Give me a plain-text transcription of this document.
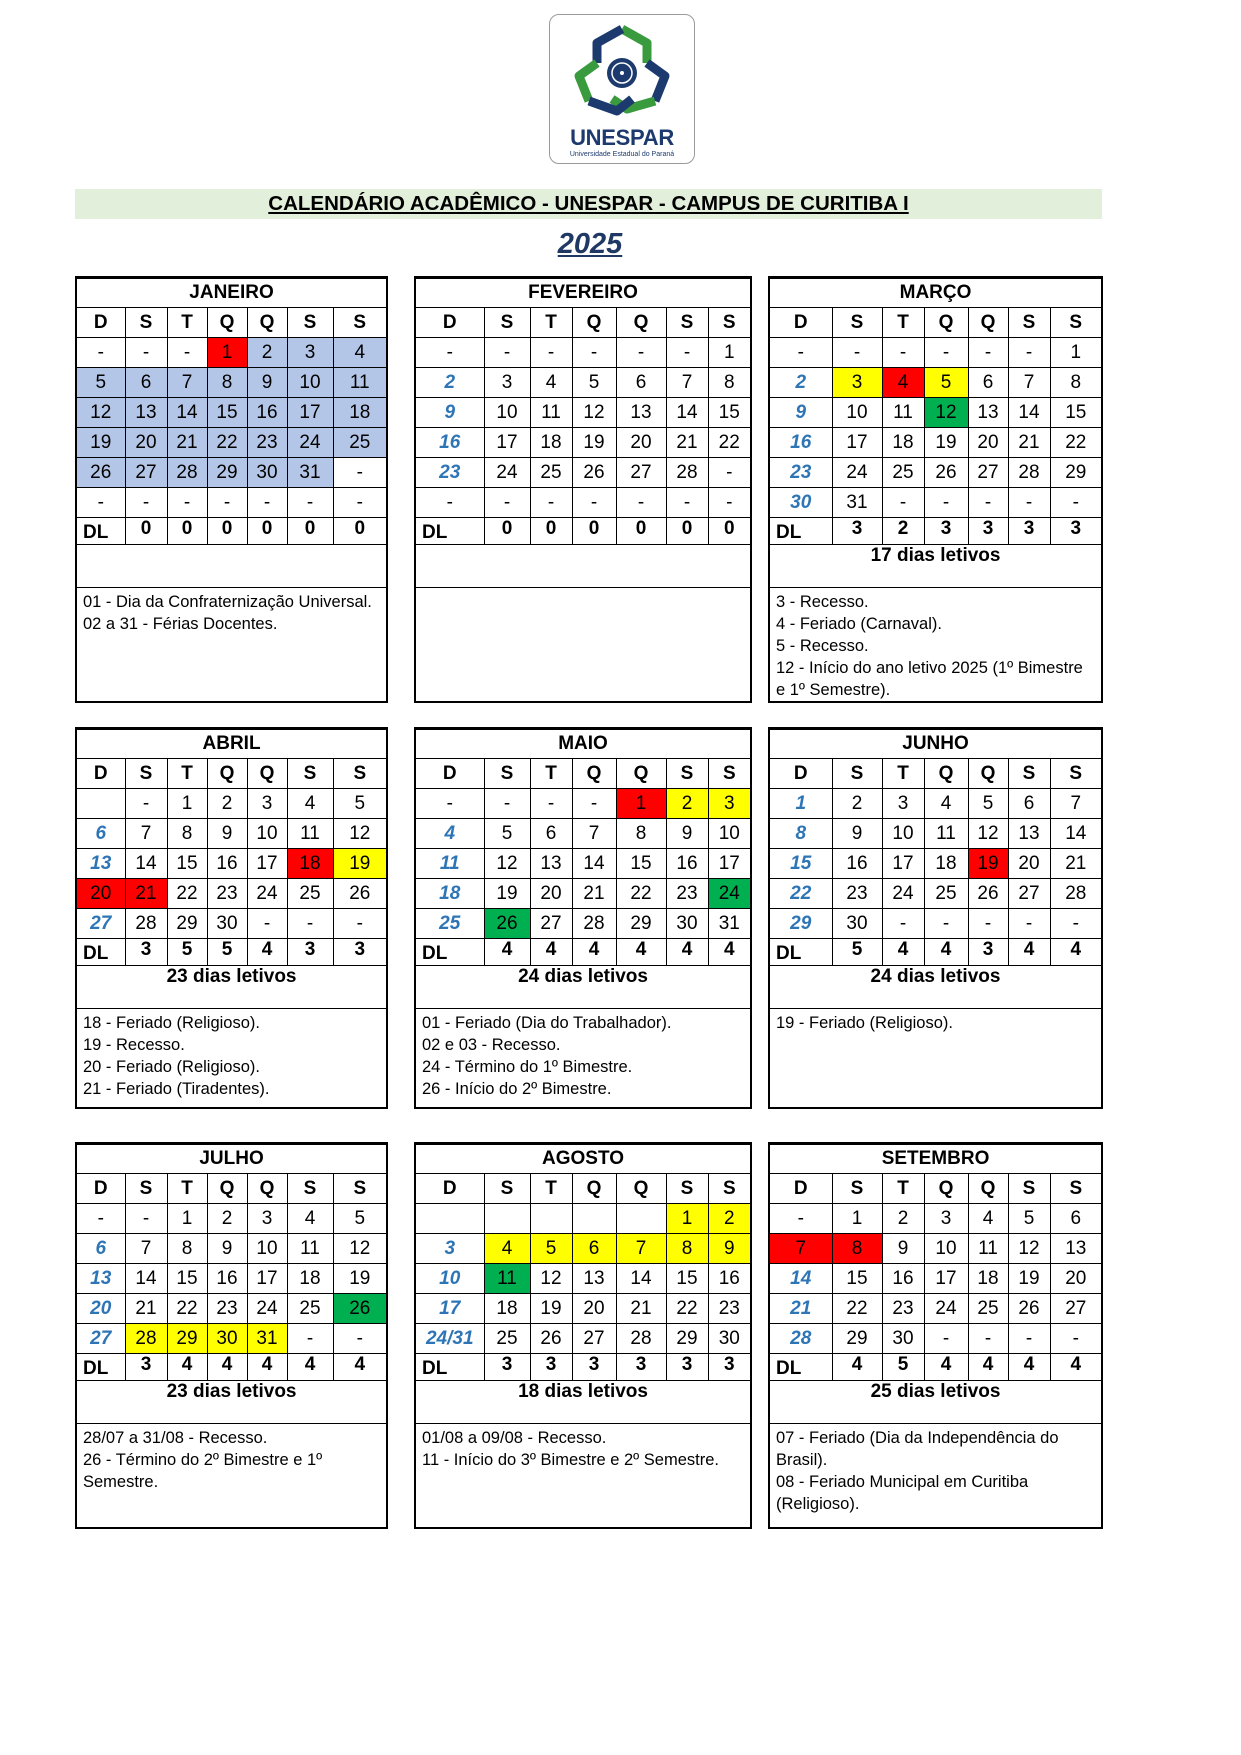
UNESPAR
Universidade Estadual do Paraná
CALENDÁRIO ACADÊMICO - UNESPAR - CAMPUS DE CURITIBA I
2025
JANEIRO						
D	S	T	Q	Q	S	S
-	-	-	1	2	3	4
5	6	7	8	9	10	11
12	13	14	15	16	17	18
19	20	21	22	23	24	25
26	27	28	29	30	31	-
-	-	-	-	-	-	-
DL	0	0	0	0	0	0

01 - Dia da Confraternização Universal.
02 a 31 - Férias Docentes.						
FEVEREIRO						
D	S	T	Q	Q	S	S
-	-	-	-	-	-	1
2	3	4	5	6	7	8
9	10	11	12	13	14	15
16	17	18	19	20	21	22
23	24	25	26	27	28	-
-	-	-	-	-	-	-
DL	0	0	0	0	0	0

MARÇO						
D	S	T	Q	Q	S	S
-	-	-	-	-	-	1
2	3	4	5	6	7	8
9	10	11	12	13	14	15
16	17	18	19	20	21	22
23	24	25	26	27	28	29
30	31	-	-	-	-	-
DL	3	2	3	3	3	3
17 dias letivos						

3 - Recesso.
4 - Feriado (Carnaval).
5 - Recesso.
12 - Início do ano letivo 2025 (1º Bimestre e 1º Semestre).						
ABRIL						
D	S	T	Q	Q	S	S
	-	1	2	3	4	5
6	7	8	9	10	11	12
13	14	15	16	17	18	19
20	21	22	23	24	25	26
27	28	29	30	-	-	-
DL	3	5	5	4	3	3
23 dias letivos						

18 - Feriado (Religioso).
19 - Recesso.
20 - Feriado (Religioso).
21 - Feriado (Tiradentes).						
MAIO						
D	S	T	Q	Q	S	S
-	-	-	-	1	2	3
4	5	6	7	8	9	10
11	12	13	14	15	16	17
18	19	20	21	22	23	24
25	26	27	28	29	30	31
DL	4	4	4	4	4	4
24 dias letivos						

01 - Feriado (Dia do Trabalhador).
02 e 03 - Recesso.
24 - Término do 1º Bimestre.
26 - Início do 2º Bimestre.						
JUNHO						
D	S	T	Q	Q	S	S
1	2	3	4	5	6	7
8	9	10	11	12	13	14
15	16	17	18	19	20	21
22	23	24	25	26	27	28
29	30	-	-	-	-	-
DL	5	4	4	3	4	4
24 dias letivos						

19 - Feriado (Religioso).						
JULHO						
D	S	T	Q	Q	S	S
-	-	1	2	3	4	5
6	7	8	9	10	11	12
13	14	15	16	17	18	19
20	21	22	23	24	25	26
27	28	29	30	31	-	-
DL	3	4	4	4	4	4
23 dias letivos						

28/07 a 31/08 - Recesso.
26 - Término do 2º Bimestre e 1º Semestre.						
AGOSTO						
D	S	T	Q	Q	S	S
					1	2
3	4	5	6	7	8	9
10	11	12	13	14	15	16
17	18	19	20	21	22	23
24/31	25	26	27	28	29	30
DL	3	3	3	3	3	3
18 dias letivos						

01/08 a 09/08 - Recesso.
11 - Início do 3º Bimestre e 2º Semestre.						
SETEMBRO						
D	S	T	Q	Q	S	S
-	1	2	3	4	5	6
7	8	9	10	11	12	13
14	15	16	17	18	19	20
21	22	23	24	25	26	27
28	29	30	-	-	-	-
DL	4	5	4	4	4	4
25 dias letivos						

07 - Feriado (Dia da Independência do Brasil).
08 - Feriado Municipal em Curitiba (Religioso).						
